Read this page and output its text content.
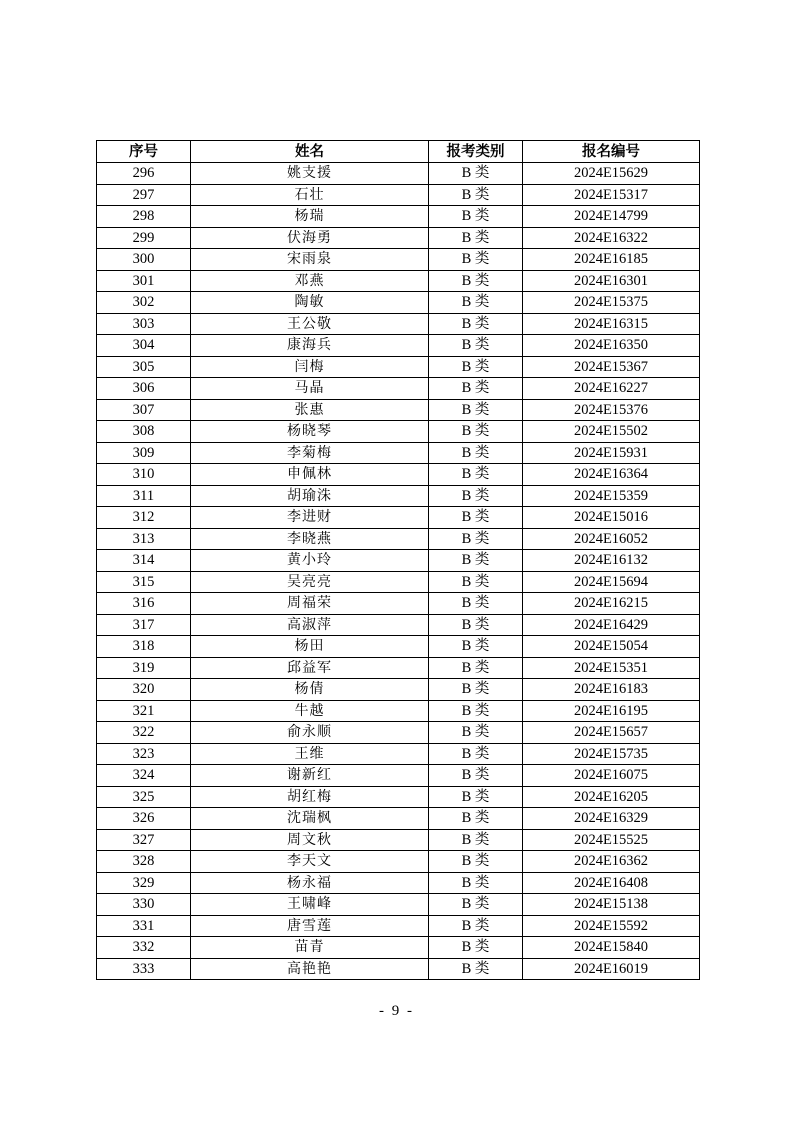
序号	姓名	报考类别	报名编号
296	姚支援	B 类	2024E15629
297	石壮	B 类	2024E15317
298	杨瑞	B 类	2024E14799
299	伏海勇	B 类	2024E16322
300	宋雨泉	B 类	2024E16185
301	邓燕	B 类	2024E16301
302	陶敏	B 类	2024E15375
303	王公敬	B 类	2024E16315
304	康海兵	B 类	2024E16350
305	闫梅	B 类	2024E15367
306	马晶	B 类	2024E16227
307	张惠	B 类	2024E15376
308	杨晓琴	B 类	2024E15502
309	李菊梅	B 类	2024E15931
310	申佩林	B 类	2024E16364
311	胡瑜洙	B 类	2024E15359
312	李进财	B 类	2024E15016
313	李晓燕	B 类	2024E16052
314	黄小玲	B 类	2024E16132
315	吴亮亮	B 类	2024E15694
316	周福荣	B 类	2024E16215
317	高淑萍	B 类	2024E16429
318	杨田	B 类	2024E15054
319	邱益军	B 类	2024E15351
320	杨倩	B 类	2024E16183
321	牛越	B 类	2024E16195
322	俞永顺	B 类	2024E15657
323	王维	B 类	2024E15735
324	谢新红	B 类	2024E16075
325	胡红梅	B 类	2024E16205
326	沈瑞枫	B 类	2024E16329
327	周文秋	B 类	2024E15525
328	李天文	B 类	2024E16362
329	杨永福	B 类	2024E16408
330	王啸峰	B 类	2024E15138
331	唐雪莲	B 类	2024E15592
332	苗青	B 类	2024E15840
333	高艳艳	B 类	2024E16019
- 9 -
